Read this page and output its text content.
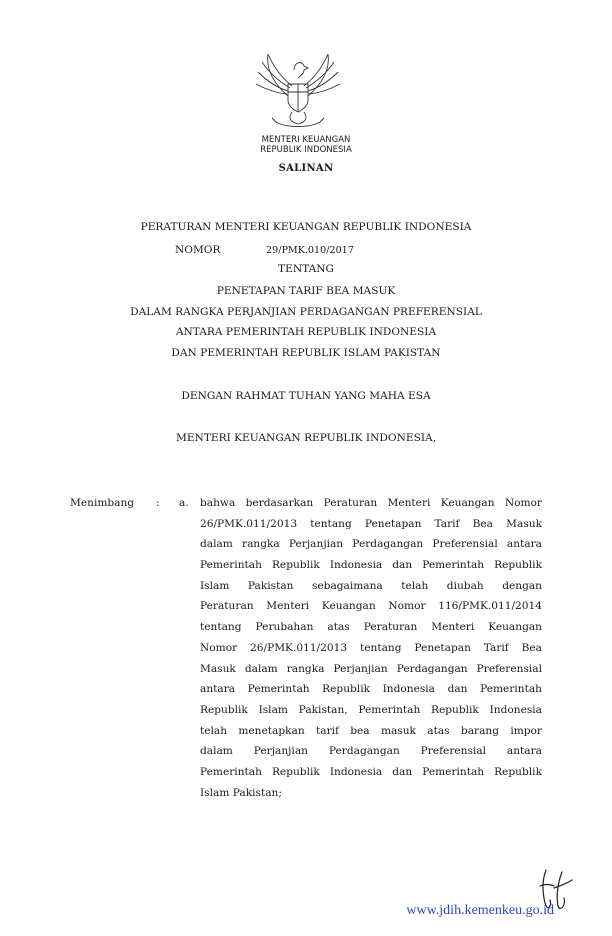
MENTERI KEUANGAN
REPUBLIK INDONESIA
SALINAN
PERATURAN MENTERI KEUANGAN REPUBLIK INDONESIA
NOMOR	29/PMK.010/2017
TENTANG
PENETAPAN TARIF BEA MASUK
DALAM RANGKA PERJANJIAN PERDAGANGAN PREFERENSIAL
ANTARA PEMERINTAH REPUBLIK INDONESIA
DAN PEMERINTAH REPUBLIK ISLAM PAKISTAN
DENGAN RAHMAT TUHAN YANG MAHA ESA
MENTERI KEUANGAN REPUBLIK INDONESIA,
Menimbang : a. bahwa berdasarkan Peraturan Menteri Keuangan Nomor
26/PMK.011/2013 tentang Penetapan Tarif Bea Masuk
dalam rangka Perjanjian Perdagangan Preferensial antara
Pemerintah Republik Indonesia dan Pemerintah Republik
Islam Pakistan sebagaimana telah diubah dengan
Peraturan Menteri Keuangan Nomor 116/PMK.011/2014
tentang Perubahan atas Peraturan Menteri Keuangan
Nomor 26/PMK.011/2013 tentang Penetapan Tarif Bea
Masuk dalam rangka Perjanjian Perdagangan Preferensial
antara Pemerintah Republik Indonesia dan Pemerintah
Republik Islam Pakistan, Pemerintah Republik Indonesia
telah menetapkan tarif bea masuk atas barang impor
dalam Perjanjian Perdagangan Preferensial antara
Pemerintah Republik Indonesia dan Pemerintah Republik
Islam Pakistan;
www.jdih.kemenkeu.go.id
